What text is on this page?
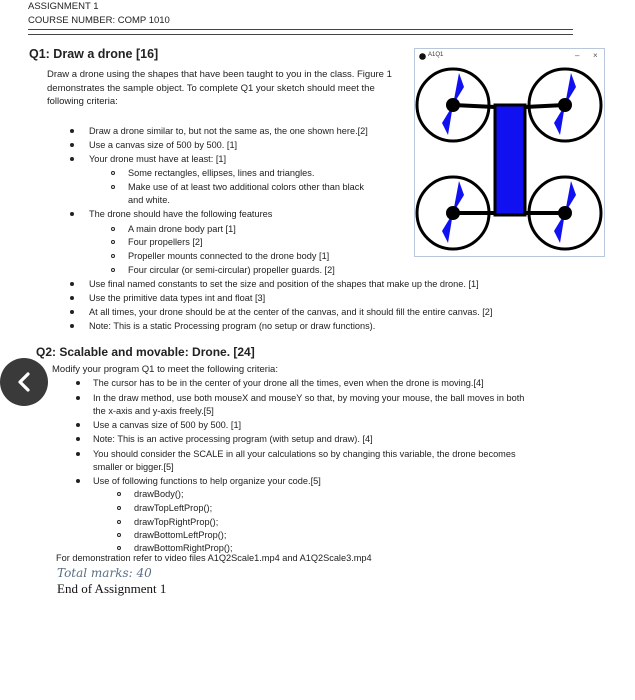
ASSIGNMENT 1
COURSE NUMBER: COMP 1010
Q1: Draw a drone [16]
Draw a drone using the shapes that have been taught to you in the class. Figure 1 demonstrates the sample object. To complete Q1 your sketch should meet the following criteria:
Draw a drone similar to, but not the same as, the one shown here.[2]
Use a canvas size of 500 by 500. [1]
Your drone must have at least: [1]
Some rectangles, ellipses, lines and triangles.
Make use of at least two additional colors other than black
and white.
The drone should have the following features
A main drone body part [1]
Four propellers [2]
Propeller mounts connected to the drone body [1]
Four circular (or semi-circular) propeller guards. [2]
Use final named constants to set the size and position of the shapes that make up the drone. [1]
Use the primitive data types int and float [3]
At all times, your drone should be at the center of the canvas, and it should fill the entire canvas. [2]
Note: This is a static Processing program (no setup or draw functions).
A1Q1	– ×
Q2: Scalable and movable: Drone. [24]
Modify your program Q1 to meet the following criteria:
The cursor has to be in the center of your drone all the times, even when the drone is moving.[4]
In the draw method, use both mouseX and mouseY so that, by moving your mouse, the ball moves in both
the x-axis and y-axis freely.[5]
Use a canvas size of 500 by 500. [1]
Note: This is an active processing program (with setup and draw). [4]
You should consider the SCALE in all your calculations so by changing this variable, the drone becomes
smaller or bigger.[5]
Use of following functions to help organize your code.[5]
drawBody();
drawTopLeftProp();
drawTopRightProp();
drawBottomLeftProp();
drawBottomRightProp();
For demonstration refer to video files A1Q2Scale1.mp4 and A1Q2Scale3.mp4
Total marks: 40
End of Assignment 1
